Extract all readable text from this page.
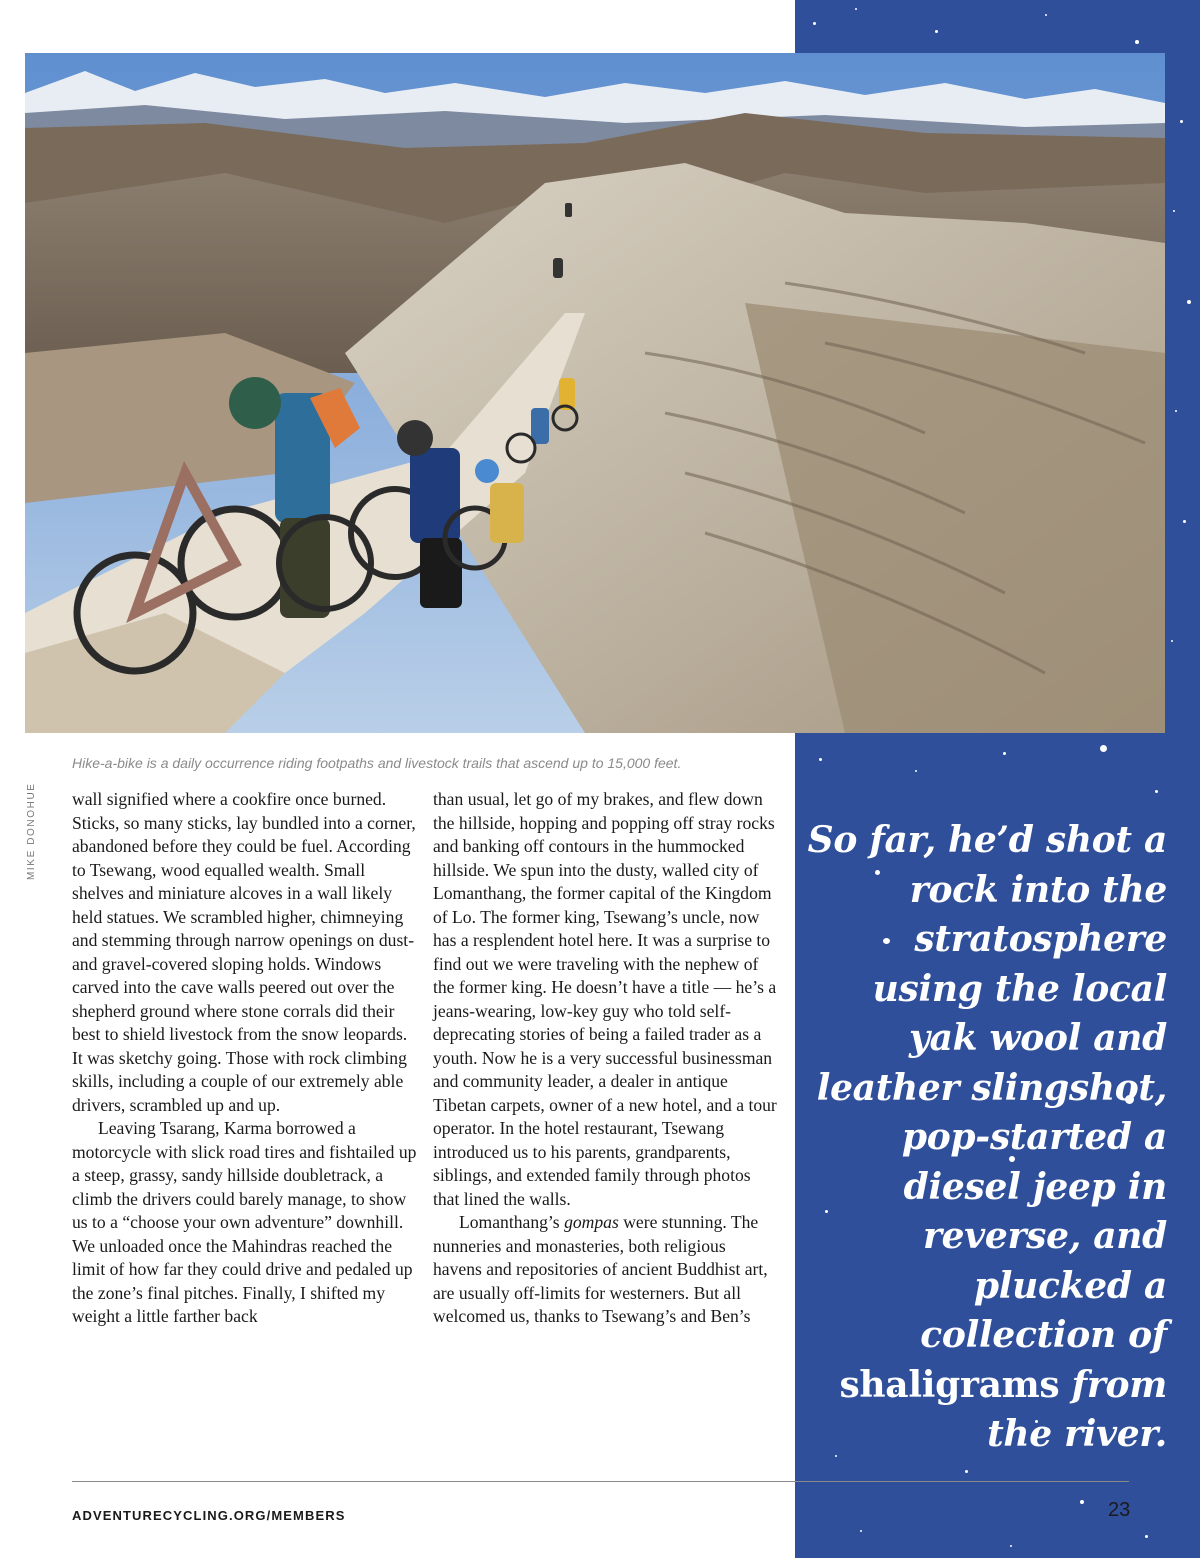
MIKE DONOHUE
Hike-a-bike is a daily occurrence riding footpaths and livestock trails that ascend up to 15,000 feet.

wall signified where a cookfire once burned. Sticks, so many sticks, lay bundled into a corner, abandoned before they could be fuel. According to Tsewang, wood equalled wealth. Small shelves and miniature alcoves in a wall likely held statues. We scrambled higher, chimneying and stemming through narrow openings on dust- and gravel-covered sloping holds. Windows carved into the cave walls peered out over the shepherd ground where stone corrals did their best to shield livestock from the snow leopards. It was sketchy going. Those with rock climbing skills, including a couple of our extremely able drivers, scrambled up and up.

Leaving Tsarang, Karma borrowed a motorcycle with slick road tires and fishtailed up a steep, grassy, sandy hillside doubletrack, a climb the drivers could barely manage, to show us to a “choose your own adventure” downhill. We unloaded once the Mahindras reached the limit of how far they could drive and pedaled up the zone’s final pitches. Finally, I shifted my weight a little farther back

than usual, let go of my brakes, and flew down the hillside, hopping and popping off stray rocks and banking off contours in the hummocked hillside. We spun into the dusty, walled city of Lomanthang, the former capital of the Kingdom of Lo. The former king, Tsewang’s uncle, now has a resplendent hotel here. It was a surprise to find out we were traveling with the nephew of the former king. He doesn’t have a title — he’s a jeans-wearing, low-key guy who told self-deprecating stories of being a failed trader as a youth. Now he is a very successful businessman and community leader, a dealer in antique Tibetan carpets, owner of a new hotel, and a tour operator. In the hotel restaurant, Tsewang introduced us to his parents, grandparents, siblings, and extended family through photos that lined the walls.

Lomanthang’s gompas were stunning. The nunneries and monasteries, both religious havens and repositories of ancient Buddhist art, are usually off-limits for westerners. But all welcomed us, thanks to Tsewang’s and Ben’s

So far, he’d shot a rock into the stratosphere using the local yak wool and leather slingshot, pop-started a diesel jeep in reverse, and plucked a collection of shaligrams from the river.
ADVENTURECYCLING.ORG/MEMBERS	23
